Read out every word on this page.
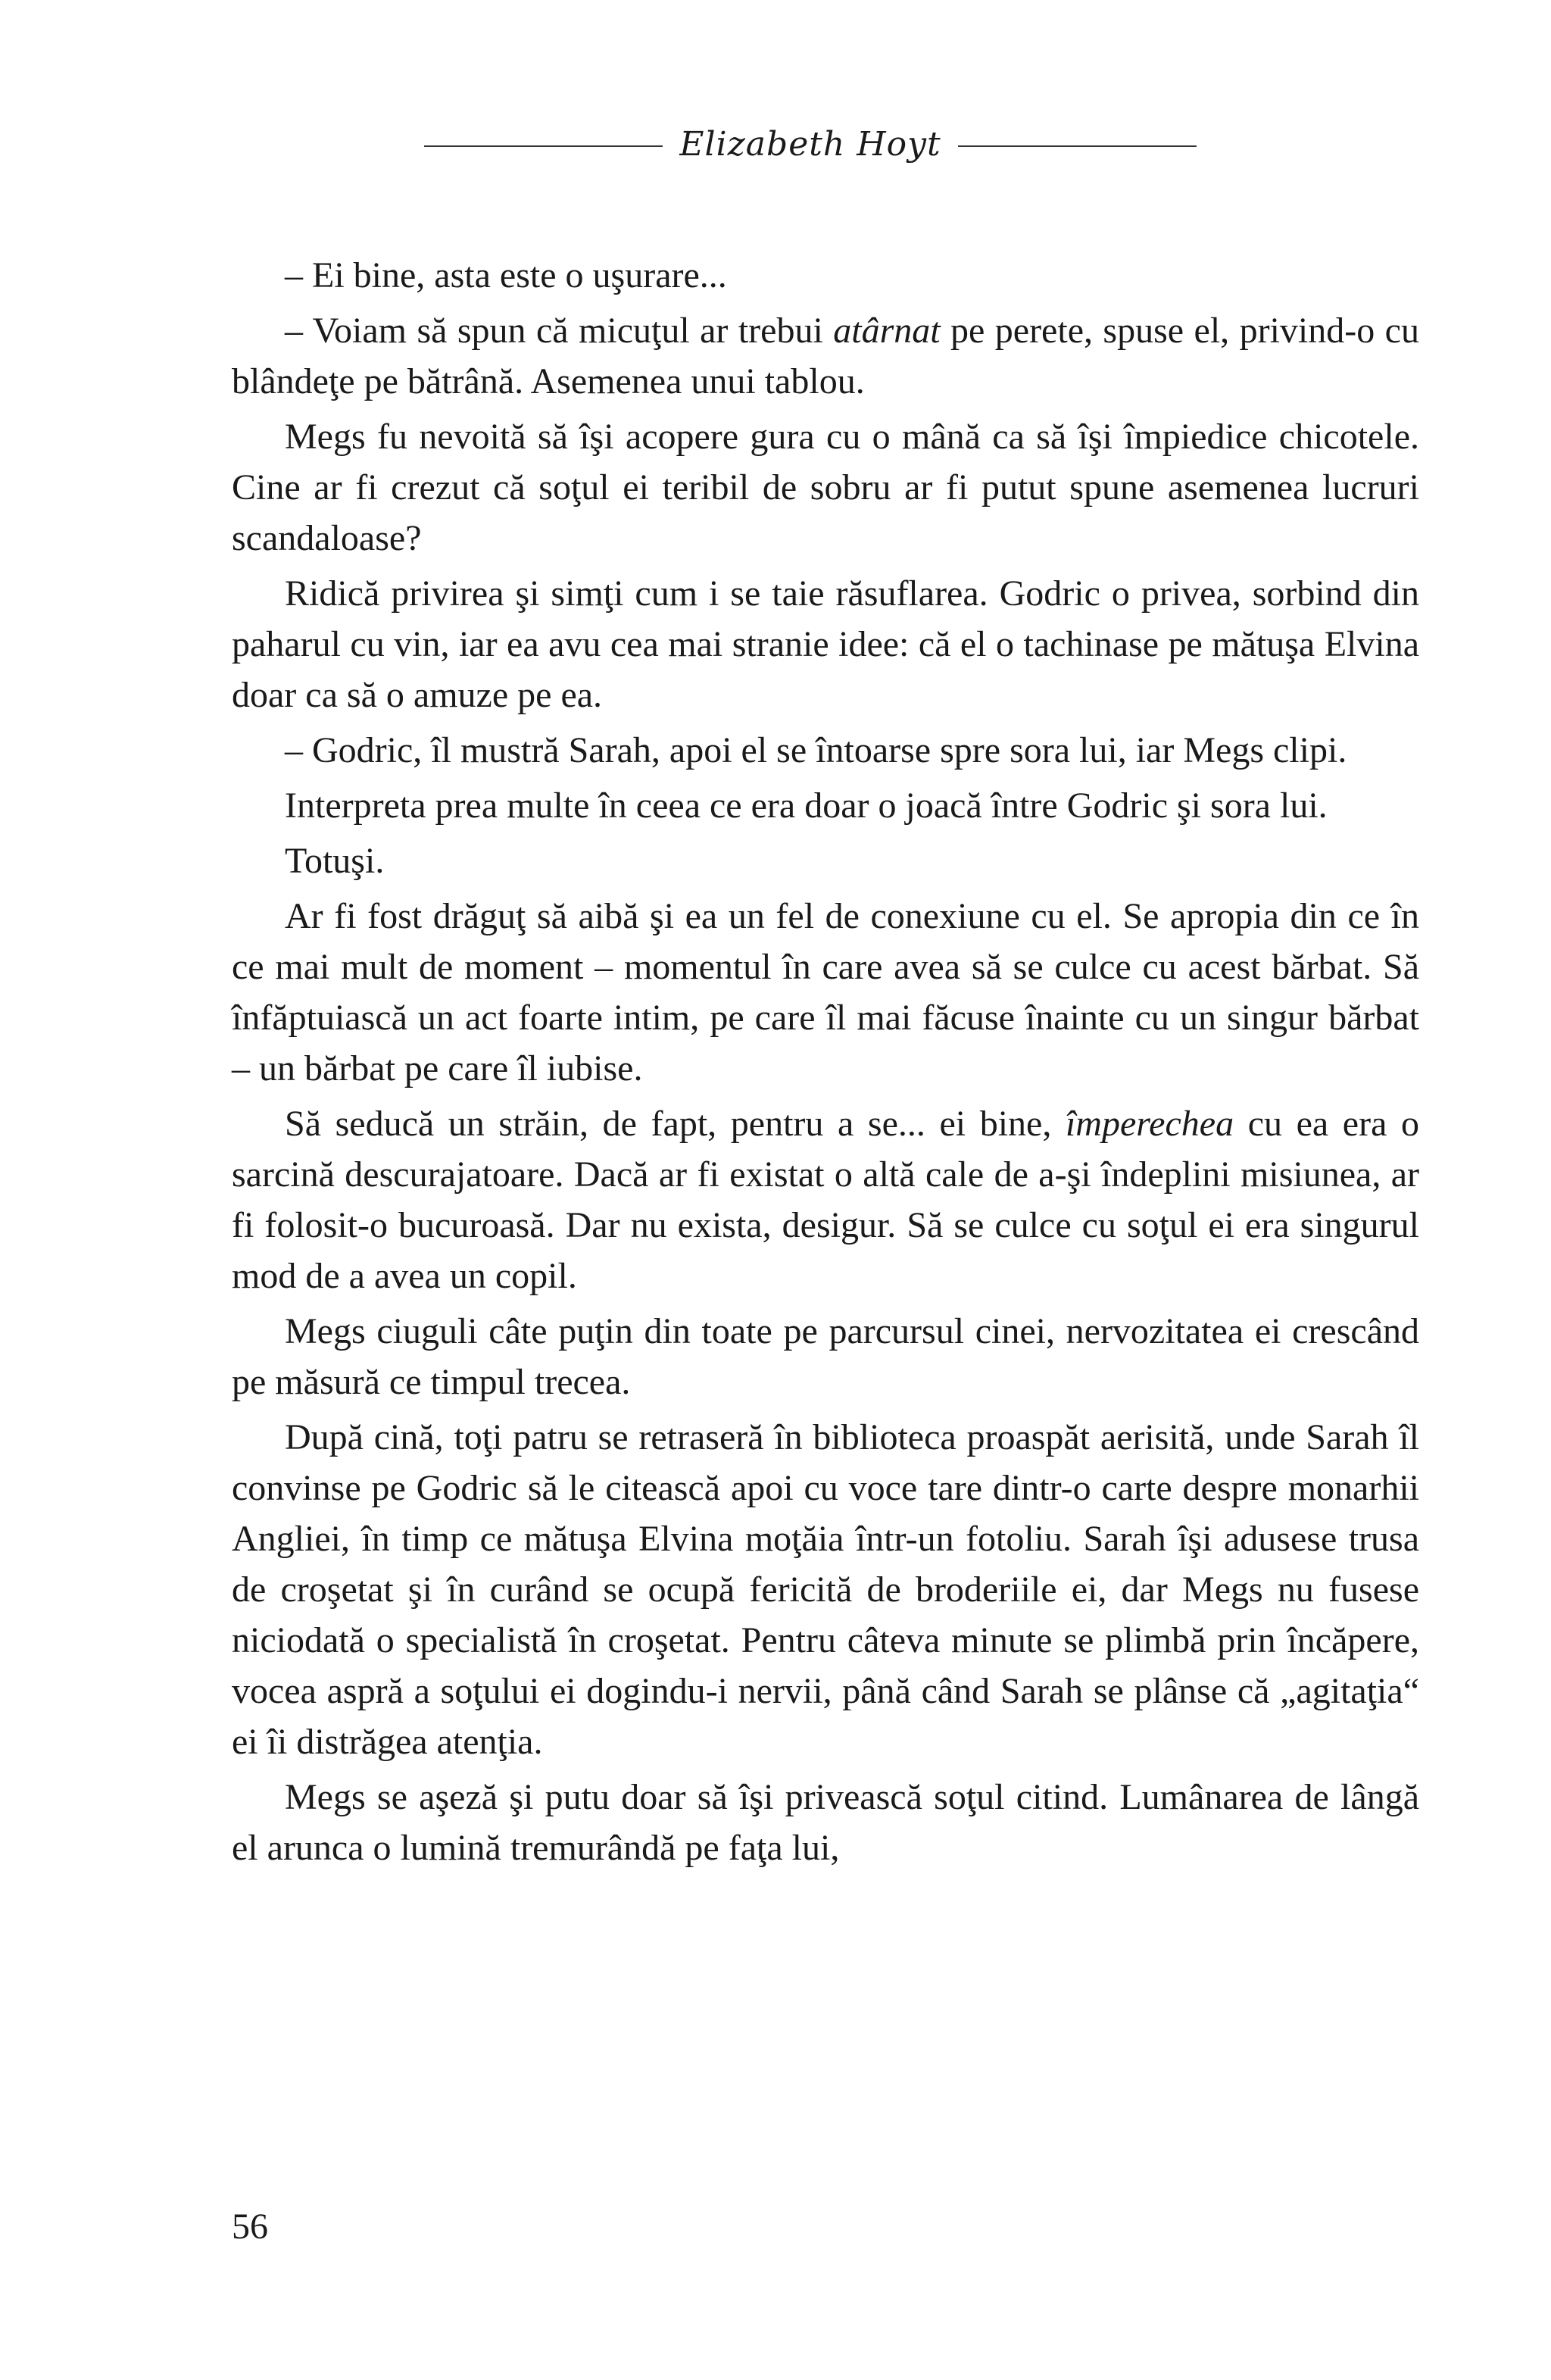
Elizabeth Hoyt

– Ei bine, asta este o uşurare...

– Voiam să spun că micuţul ar trebui atârnat pe perete, spuse el, privind-o cu blândeţe pe bătrână. Asemenea unui tablou.

Megs fu nevoită să îşi acopere gura cu o mână ca să îşi împiedice chicotele. Cine ar fi crezut că soţul ei teribil de sobru ar fi putut spune asemenea lucruri scandaloase?

Ridică privirea şi simţi cum i se taie răsuflarea. Godric o privea, sorbind din paharul cu vin, iar ea avu cea mai stranie idee: că el o tachinase pe mătuşa Elvina doar ca să o amuze pe ea.

– Godric, îl mustră Sarah, apoi el se întoarse spre sora lui, iar Megs clipi.

Interpreta prea multe în ceea ce era doar o joacă între Godric şi sora lui.

Totuşi.

Ar fi fost drăguţ să aibă şi ea un fel de conexiune cu el. Se apropia din ce în ce mai mult de moment – momentul în care avea să se culce cu acest bărbat. Să înfăptuiască un act foarte intim, pe care îl mai făcuse înainte cu un singur bărbat – un bărbat pe care îl iubise.

Să seducă un străin, de fapt, pentru a se... ei bine, împerechea cu ea era o sarcină descurajatoare. Dacă ar fi existat o altă cale de a-şi îndeplini misiunea, ar fi folosit-o bucuroasă. Dar nu exista, desigur. Să se culce cu soţul ei era singurul mod de a avea un copil.

Megs ciuguli câte puţin din toate pe parcursul cinei, nervozitatea ei crescând pe măsură ce timpul trecea.

După cină, toţi patru se retraseră în biblioteca proaspăt aerisită, unde Sarah îl convinse pe Godric să le citească apoi cu voce tare dintr-o carte despre monarhii Angliei, în timp ce mătuşa Elvina moţăia într-un fotoliu. Sarah îşi adusese trusa de croşetat şi în curând se ocupă fericită de broderiile ei, dar Megs nu fusese niciodată o specialistă în croşetat. Pentru câteva minute se plimbă prin încăpere, vocea aspră a soţului ei dogindu-i nervii, până când Sarah se plânse că „agitaţia“ ei îi distrăgea atenţia.

Megs se aşeză şi putu doar să îşi privească soţul citind. Lumânarea de lângă el arunca o lumină tremurândă pe faţa lui,

56
